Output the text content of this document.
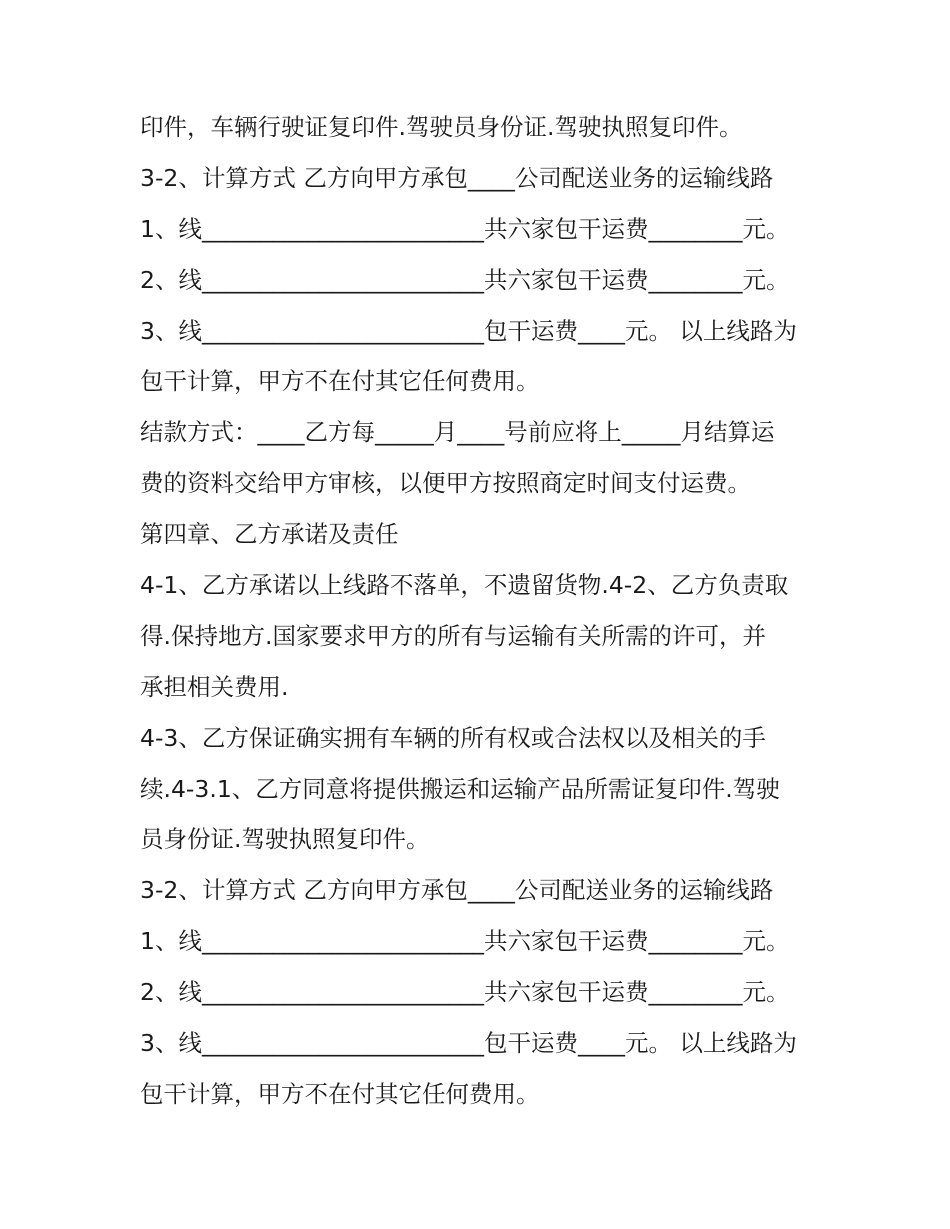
印件，车辆行驶证复印件.驾驶员身份证.驾驶执照复印件。
3-2、计算方式 乙方向甲方承包____公司配送业务的运输线路
1、线________________________共六家包干运费________元。
2、线________________________共六家包干运费________元。
3、线________________________包干运费____元。 以上线路为
包干计算，甲方不在付其它任何费用。
结款方式：____乙方每_____月____号前应将上_____月结算运
费的资料交给甲方审核，以便甲方按照商定时间支付运费。
第四章、乙方承诺及责任
4-1、乙方承诺以上线路不落单，不遗留货物.4-2、乙方负责取
得.保持地方.国家要求甲方的所有与运输有关所需的许可，并
承担相关费用.
4-3、乙方保证确实拥有车辆的所有权或合法权以及相关的手
续.4-3.1、乙方同意将提供搬运和运输产品所需证复印件.驾驶
员身份证.驾驶执照复印件。
3-2、计算方式 乙方向甲方承包____公司配送业务的运输线路
1、线________________________共六家包干运费________元。
2、线________________________共六家包干运费________元。
3、线________________________包干运费____元。 以上线路为
包干计算，甲方不在付其它任何费用。
